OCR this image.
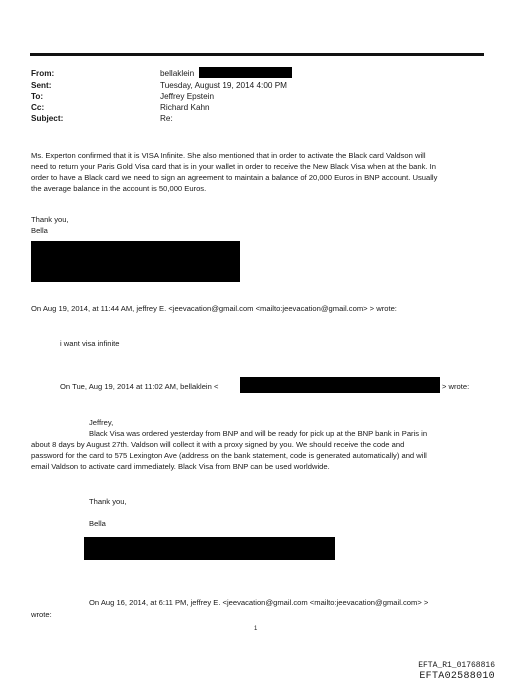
From:	bellaklein
Sent:	Tuesday, August 19, 2014 4:00 PM
To:	Jeffrey Epstein
Cc:	Richard Kahn
Subject:	Re:
Ms. Experton confirmed that it is VISA Infinite. She also mentioned that in order to activate the Black card Valdson will
need to return your Paris Gold Visa card that is in your wallet in order to receive the New Black Visa when at the bank. In
order to have a Black card we need to sign an agreement to maintain a balance of 20,000 Euros in BNP account. Usually
the average balance in the account is 50,000 Euros.
Thank you,
Bella
On Aug 19, 2014, at 11:44 AM, jeffrey E. <jeevacation@gmail.com <mailto:jeevacation@gmail.com> > wrote:
i want visa infinite
On Tue, Aug 19, 2014 at 11:02 AM, bellaklein <	> wrote:
Jeffrey,
Black Visa was ordered yesterday from BNP and will be ready for pick up at the BNP bank in Paris in
about 8 days by August 27th. Valdson will collect it with a proxy signed by you. We should receive the code and
password for the card to 575 Lexington Ave (address on the bank statement, code is generated automatically) and will
email Valdson to activate card immediately. Black Visa from BNP can be used worldwide.
Thank you,
Bella
On Aug 16, 2014, at 6:11 PM, jeffrey E. <jeevacation@gmail.com <mailto:jeevacation@gmail.com> >
wrote:
1
EFTA_R1_01768816
EFTA02588010
